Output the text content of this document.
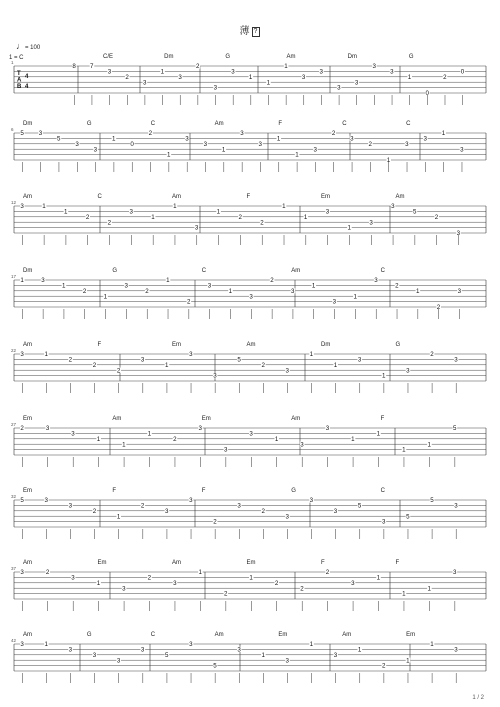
薄 ?
♩= 100
1 = C
1
T
A
B
4
4
C/E	Dm	G	Am	Dm	G
8 7
3
2
3
1
3
2
3
3
1
1
1
3
3
3
3
3
3
1
0
2
0
6
Dm	G	C	Am	F	C	C
5 3
5
3
3
1
0
2
1
3
3
1
3
3
1
1
3
2
3
2
1
3
3
1
3
12
Am	C	Am	F	Em	Am
3	1
1
2
2
3
1
1
3
1
2
2
1
1
3
1
3
3
5
2
3
17
Dm	G	C	Am	C
1	3
1
2
1
3
2
1
2
3
1
3
2
3
1
3
1
3
2
1
2
3
22
Am	F	Em	Am	Dm	G
3	1
2
2
2
3
1
3
3
5
2
3
1
1
3
1
3
2
3
27
Em	Am	Em	Am	F
2	3
3
1
1
1
2
3
3
3
1
3
3
1
1
1
1
5
32
Em	F	F	G	C
5	3
3
2
1
2
3
3
2
3
2
3
3
3
5
3
5
5
3
37
Am	Em	Am	Em	F	F
3	2
3
1
3
2
3
1
2
1
2
2
2
3
1
1
1
3
42
Am	G	C	Am	Em	Am	Em
3	1
3
3
3
3
5
3
5
3
1
3
1
3
1
2
1
1
3
1 / 2
